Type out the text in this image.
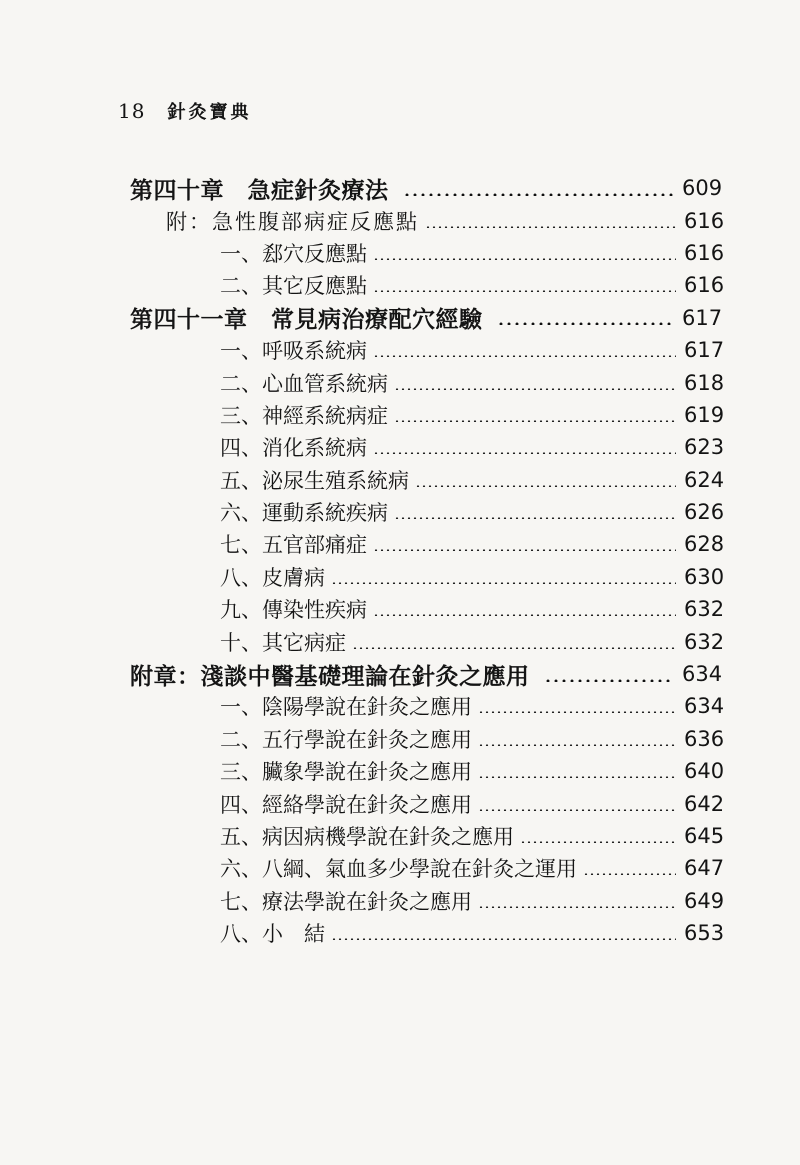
18 針灸寶典
第四十章　急症針灸療法	609
附：急性腹部病症反應點	616
一、郄穴反應點	616
二、其它反應點	616
第四十一章　常見病治療配穴經驗	617
一、呼吸系統病	617
二、心血管系統病	618
三、神經系統病症	619
四、消化系統病	623
五、泌尿生殖系統病	624
六、運動系統疾病	626
七、五官部痛症	628
八、皮膚病	630
九、傳染性疾病	632
十、其它病症	632
附章：淺談中醫基礎理論在針灸之應用	634
一、陰陽學說在針灸之應用	634
二、五行學說在針灸之應用	636
三、臟象學說在針灸之應用	640
四、經絡學說在針灸之應用	642
五、病因病機學說在針灸之應用	645
六、八綱、氣血多少學說在針灸之運用	647
七、療法學說在針灸之應用	649
八、小　結	653
